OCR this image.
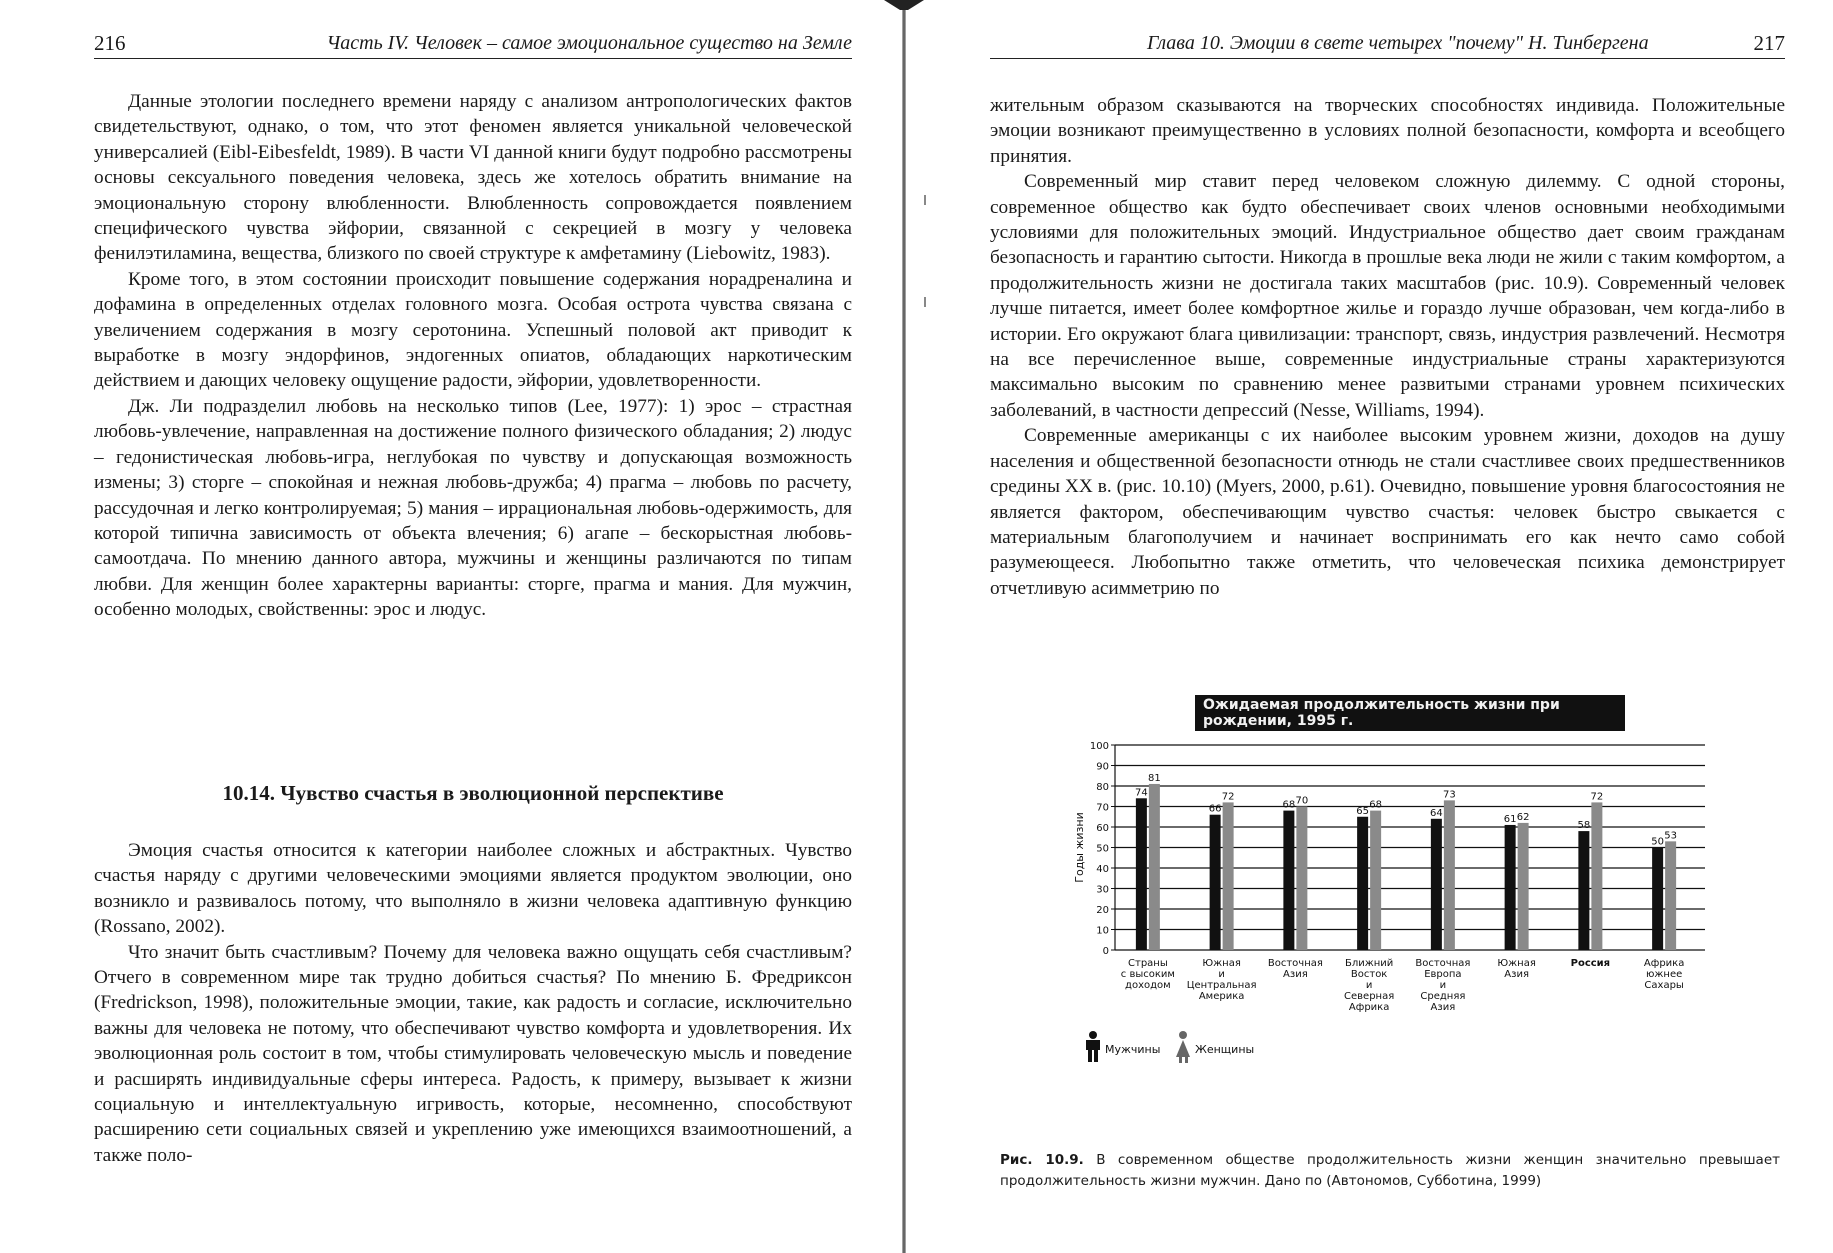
216	Часть IV. Человек – самое эмоциональное существо на Земле

Данные этологии последнего времени наряду с анализом антропологических фактов свидетельствуют, однако, о том, что этот феномен является уникальной человеческой универсалией (Eibl-Eibesfeldt, 1989). В части VI данной книги будут подробно рассмотрены основы сексуального поведения человека, здесь же хотелось обратить внимание на эмоциональную сторону влюбленности. Влюбленность сопровождается появлением специфического чувства эйфории, связанной с секрецией в мозгу у человека фенилэтиламина, вещества, близкого по своей структуре к амфетамину (Liebowitz, 1983).

Кроме того, в этом состоянии происходит повышение содержания норадреналина и дофамина в определенных отделах головного мозга. Особая острота чувства связана с увеличением содержания в мозгу серотонина. Успешный половой акт приводит к выработке в мозгу эндорфинов, эндогенных опиатов, обладающих наркотическим действием и дающих человеку ощущение радости, эйфории, удовлетворенности.

Дж. Ли подразделил любовь на несколько типов (Lee, 1977): 1) эрос – страстная любовь-увлечение, направленная на достижение полного физического обладания; 2) людус – гедонистическая любовь-игра, неглубокая по чувству и допускающая возможность измены; 3) сторге – спокойная и нежная любовь-дружба; 4) прагма – любовь по расчету, рассудочная и легко контролируемая; 5) мания – иррациональная любовь-одержимость, для которой типична зависимость от объекта влечения; 6) агапе – бескорыстная любовь-самоотдача. По мнению данного автора, мужчины и женщины различаются по типам любви. Для женщин более характерны варианты: сторге, прагма и мания. Для мужчин, особенно молодых, свойственны: эрос и людус.

10.14. Чувство счастья в эволюционной перспективе

Эмоция счастья относится к категории наиболее сложных и абстрактных. Чувство счастья наряду с другими человеческими эмоциями является продуктом эволюции, оно возникло и развивалось потому, что выполняло в жизни человека адаптивную функцию (Rossano, 2002).

Что значит быть счастливым? Почему для человека важно ощущать себя счастливым? Отчего в современном мире так трудно добиться счастья? По мнению Б. Фредриксон (Fredrickson, 1998), положительные эмоции, такие, как радость и согласие, исключительно важны для человека не потому, что обеспечивают чувство комфорта и удовлетворения. Их эволюционная роль состоит в том, чтобы стимулировать человеческую мысль и поведение и расширять индивидуальные сферы интереса. Радость, к примеру, вызывает к жизни социальную и интеллектуальную игривость, которые, несомненно, способствуют расширению сети социальных связей и укреплению уже имеющихся взаимоотношений, а также поло-

Глава 10. Эмоции в свете четырех "почему" Н. Тинбергена	217

жительным образом сказываются на творческих способностях индивида. Положительные эмоции возникают преимущественно в условиях полной безопасности, комфорта и всеобщего принятия.

Современный мир ставит перед человеком сложную дилемму. С одной стороны, современное общество как будто обеспечивает своих членов основными необходимыми условиями для положительных эмоций. Индустриальное общество дает своим гражданам безопасность и гарантию сытости. Никогда в прошлые века люди не жили с таким комфортом, а продолжительность жизни не достигала таких масштабов (рис. 10.9). Современный человек лучше питается, имеет более комфортное жилье и гораздо лучше образован, чем когда-либо в истории. Его окружают блага цивилизации: транспорт, связь, индустрия развлечений. Несмотря на все перечисленное выше, современные индустриальные страны характеризуются максимально высоким по сравнению менее развитыми странами уровнем психических заболеваний, в частности депрессий (Nesse, Williams, 1994).

Современные американцы с их наиболее высоким уровнем жизни, доходов на душу населения и общественной безопасности отнюдь не стали счастливее своих предшественников средины XX в. (рис. 10.10) (Myers, 2000, p.61). Очевидно, повышение уровня благосостояния не является фактором, обеспечивающим чувство счастья: человек быстро свыкается с материальным благополучием и начинает воспринимать его как нечто само собой разумеющееся. Любопытно также отметить, что человеческая психика демонстрирует отчетливую асимметрию по

Ожидаемая продолжительность жизни при рождении, 1995 г.
Годы жизни
0
10
20
30
40
50
60
70
80
90
100
74
81
Страны
с высоким
доходом
66
72
Южная
и
Центральная
Америка
68 70
Восточная
Азия
65
68
Ближний
Восток
и
Северная
Африка
64
73
Восточная
Европа
и
Средняя
Азия
61 62
Южная
Азия
58
72
Россия
50
53
Африка
южнее
Сахары
Мужчины	Женщины
Рис. 10.9. В современном обществе продолжительность жизни женщин значительно превышает продолжительность жизни мужчин. Дано по (Автономов, Субботина, 1999)
